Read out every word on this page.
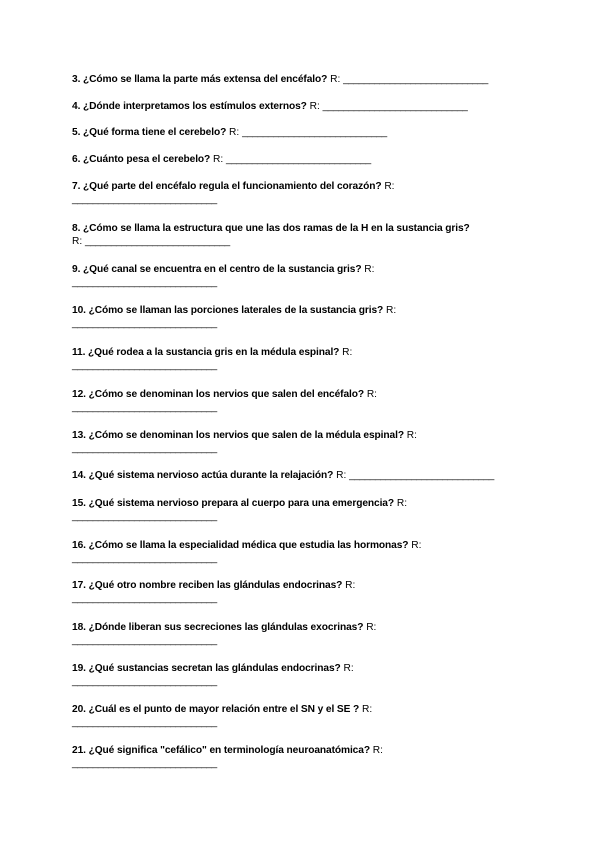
3. ¿Cómo se llama la parte más extensa del encéfalo? R: ____________________________
4. ¿Dónde interpretamos los estímulos externos? R: ____________________________
5. ¿Qué forma tiene el cerebelo? R: ____________________________
6. ¿Cuánto pesa el cerebelo? R: ____________________________
7. ¿Qué parte del encéfalo regula el funcionamiento del corazón? R:
____________________________
8. ¿Cómo se llama la estructura que une las dos ramas de la H en la sustancia gris?
R: ____________________________
9. ¿Qué canal se encuentra en el centro de la sustancia gris? R:
____________________________
10. ¿Cómo se llaman las porciones laterales de la sustancia gris? R:
____________________________
11. ¿Qué rodea a la sustancia gris en la médula espinal? R:
____________________________
12. ¿Cómo se denominan los nervios que salen del encéfalo? R:
____________________________
13. ¿Cómo se denominan los nervios que salen de la médula espinal? R:
____________________________
14. ¿Qué sistema nervioso actúa durante la relajación? R: ____________________________
15. ¿Qué sistema nervioso prepara al cuerpo para una emergencia? R:
____________________________
16. ¿Cómo se llama la especialidad médica que estudia las hormonas? R:
____________________________
17. ¿Qué otro nombre reciben las glándulas endocrinas? R:
____________________________
18. ¿Dónde liberan sus secreciones las glándulas exocrinas? R:
____________________________
19. ¿Qué sustancias secretan las glándulas endocrinas? R:
____________________________
20. ¿Cuál es el punto de mayor relación entre el SN y el SE ? R:
____________________________
21. ¿Qué significa "cefálico" en terminología neuroanatómica? R:
____________________________
